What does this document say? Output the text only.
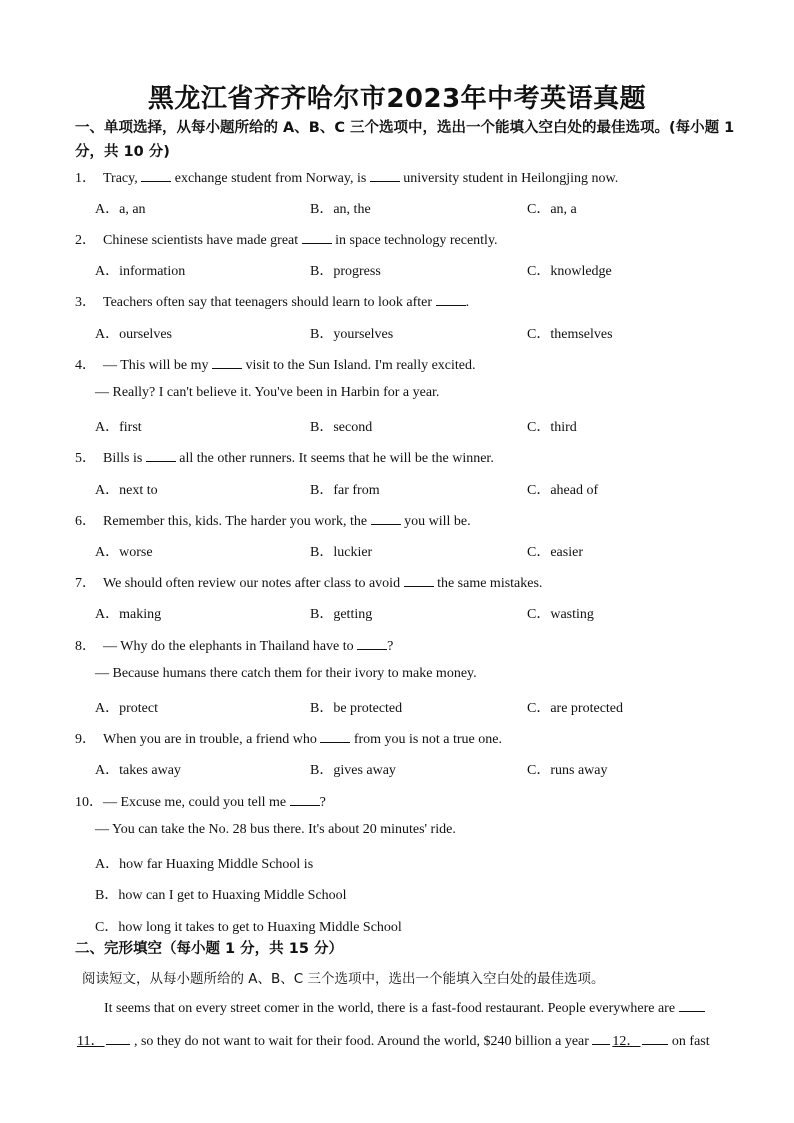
黑龙江省齐齐哈尔市2023年中考英语真题
一、单项选择，从每小题所给的 A、B、C 三个选项中，选出一个能填入空白处的最佳选项。(每小题 1 分，共 10 分)
1． Tracy,  exchange student from Norway, is  university student in Heilongjing now.
A．a, an	B．an, the	C．an, a
2． Chinese scientists have made great  in space technology recently.
A．information	B．progress	C．knowledge
3． Teachers often say that teenagers should learn to look after .
A．ourselves	B．yourselves	C．themselves
4． — This will be my  visit to the Sun Island. I'm really excited.
— Really? I can't believe it. You've been in Harbin for a year.
A．first	B．second	C．third
5． Bills is  all the other runners. It seems that he will be the winner.
A．next to	B．far from	C．ahead of
6． Remember this, kids. The harder you work, the  you will be.
A．worse	B．luckier	C．easier
7． We should often review our notes after class to avoid  the same mistakes.
A．making	B．getting	C．wasting
8． — Why do the elephants in Thailand have to ?
— Because humans there catch them for their ivory to make money.
A．protect	B．be protected	C．are protected
9． When you are in trouble, a friend who  from you is not a true one.
A．takes away	B．gives away	C．runs away
10．— Excuse me, could you tell me ?
— You can take the No. 28 bus there. It's about 20 minutes' ride.
A．how far Huaxing Middle School is
B．how can I get to Huaxing Middle School
C．how long it takes to get to Huaxing Middle School
二、完形填空（每小题 1 分，共 15 分）
阅读短文，从每小题所给的 A、B、C 三个选项中，选出一个能填入空白处的最佳选项。
It seems that on every street comer in the world, there is a fast-food restaurant. People everywhere are
11． , so they do not want to wait for their food. Around the world, $240 billion a year 12． on fast
